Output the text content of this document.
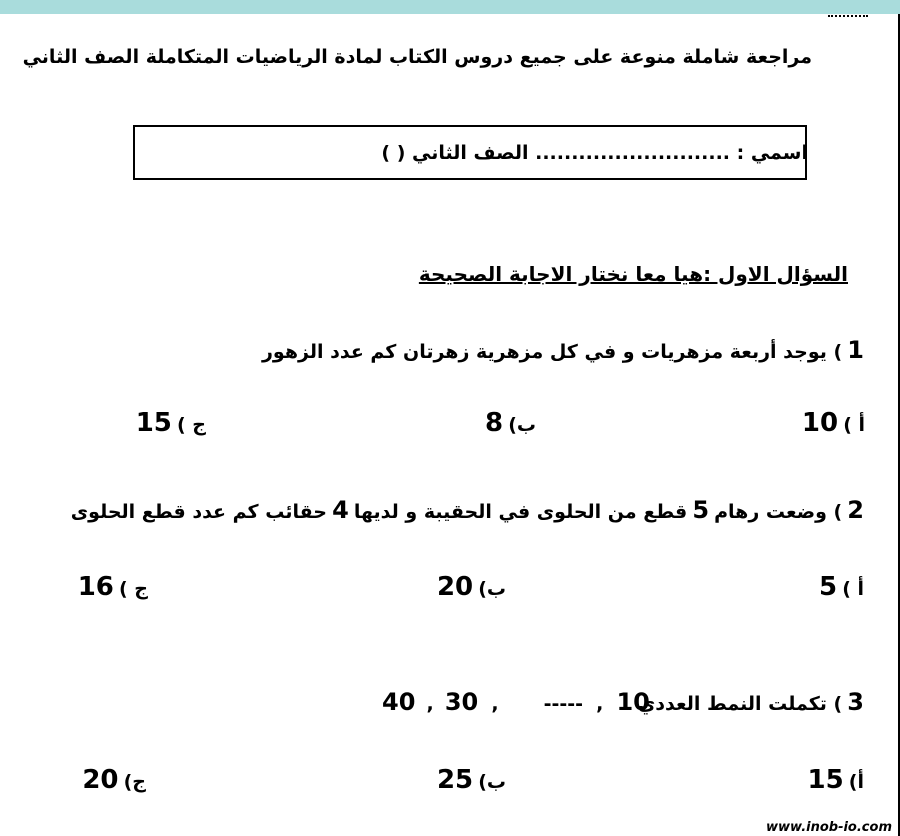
مراجعة شاملة منوعة على جميع دروس الكتاب لمادة الرياضيات المتكاملة الصف الثاني
اسمي : ........................... الصف الثاني ( )
السؤال الاول :هيا معا نختار الاجابة الصحيحة
1 ) يوجد أربعة مزهريات و في كل مزهرية زهرتان كم عدد الزهور
أ ) 10
ب) 8
ج ) 15
2 ) وضعت رهام 5 قطع من الحلوى في الحقيبة و لديها 4 حقائب كم عدد قطع الحلوى
أ ) 5
ب) 20
ج ) 16
3 ) تكملت النمط العددي
40 , 30 , ----- , 10
أ) 15
ب) 25
ج) 20
www.inob-io.com
